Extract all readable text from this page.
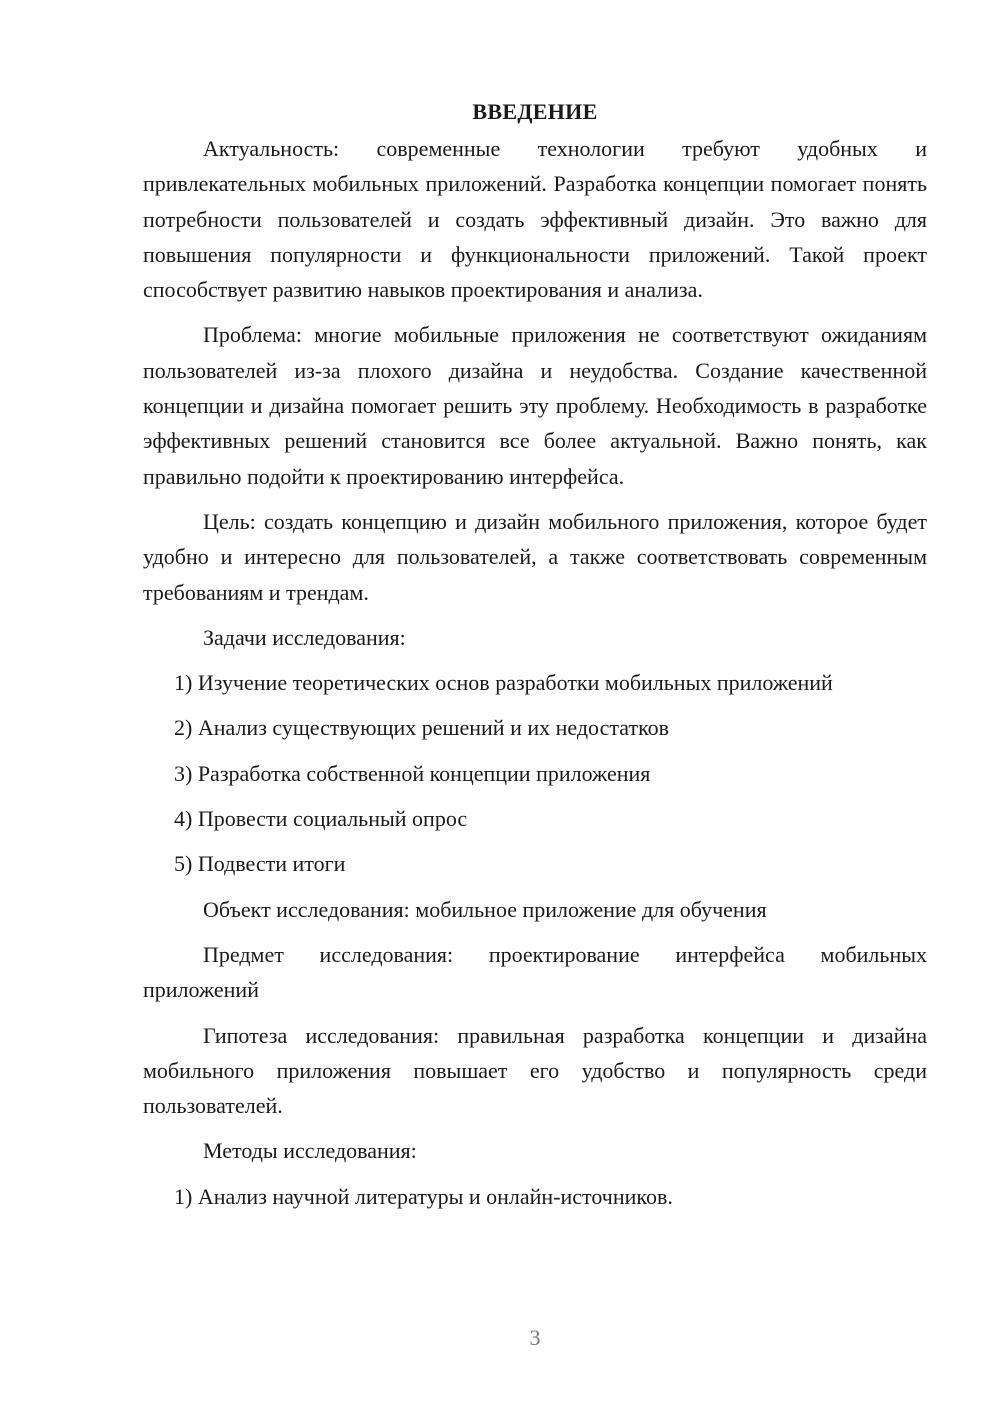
ВВЕДЕНИЕ

Актуальность: современные технологии требуют удобных и привлекательных мобильных приложений. Разработка концепции помогает понять потребности пользователей и создать эффективный дизайн. Это важно для повышения популярности и функциональности приложений. Такой проект способствует развитию навыков проектирования и анализа.

Проблема: многие мобильные приложения не соответствуют ожиданиям пользователей из-за плохого дизайна и неудобства. Создание качественной концепции и дизайна помогает решить эту проблему. Необходимость в разработке эффективных решений становится все более актуальной. Важно понять, как правильно подойти к проектированию интерфейса.

Цель: создать концепцию и дизайн мобильного приложения, которое будет удобно и интересно для пользователей, а также соответствовать современным требованиям и трендам.

Задачи исследования:

1) Изучение теоретических основ разработки мобильных приложений
2) Анализ существующих решений и их недостатков
3) Разработка собственной концепции приложения
4) Провести социальный опрос
5) Подвести итоги

Объект исследования: мобильное приложение для обучения

Предмет исследования: проектирование интерфейса мобильных приложений

Гипотеза исследования: правильная разработка концепции и дизайна мобильного приложения повышает его удобство и популярность среди пользователей.

Методы исследования:

1) Анализ научной литературы и онлайн-источников.
3
